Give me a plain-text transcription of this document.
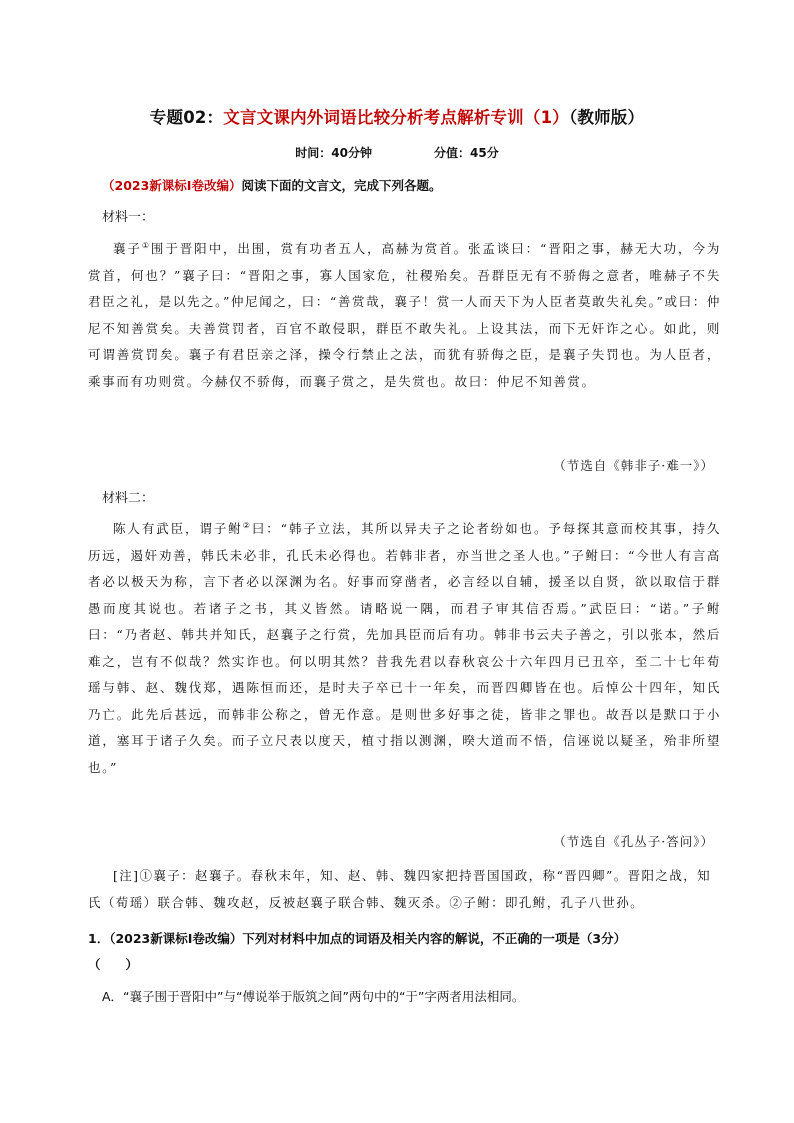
专题02：文言文课内外词语比较分析考点解析专训（1）（教师版）
时间：40分钟	分值：45分
（2023新课标Ⅰ卷改编）阅读下面的文言文，完成下列各题。
材料一：
襄子①围于晋阳中，出围，赏有功者五人，高赫为赏首。张孟谈曰：“晋阳之事，赫无大功，今为赏首，何也？”襄子曰：“晋阳之事，寡人国家危，社稷殆矣。吾群臣无有不骄侮之意者，唯赫子不失君臣之礼，是以先之。”仲尼闻之，曰：“善赏哉，襄子！赏一人而天下为人臣者莫敢失礼矣。”或曰：仲尼不知善赏矣。夫善赏罚者，百官不敢侵职，群臣不敢失礼。上设其法，而下无奸诈之心。如此，则可谓善赏罚矣。襄子有君臣亲之泽，操令行禁止之法，而犹有骄侮之臣，是襄子失罚也。为人臣者，乘事而有功则赏。今赫仅不骄侮，而襄子赏之，是失赏也。故曰：仲尼不知善赏。
（节选自《韩非子·难一》）
材料二：
陈人有武臣，谓子鲋②曰：“韩子立法，其所以异夫子之论者纷如也。予每探其意而校其事，持久历远，遏奸劝善，韩氏未必非，孔氏未必得也。若韩非者，亦当世之圣人也。”子鲋曰：“今世人有言高者必以极天为称，言下者必以深渊为名。好事而穿凿者，必言经以自辅，援圣以自贤，欲以取信于群愚而度其说也。若诸子之书，其义皆然。请略说一隅，而君子审其信否焉。”武臣曰：“诺。”子鲋曰：“乃者赵、韩共并知氏，赵襄子之行赏，先加具臣而后有功。韩非书云夫子善之，引以张本，然后难之，岂有不似哉？然实诈也。何以明其然？昔我先君以春秋哀公十六年四月已丑卒，至二十七年荀瑶与韩、赵、魏伐郑，遇陈恒而还，是时夫子卒已十一年矣，而晋四卿皆在也。后悼公十四年，知氏乃亡。此先后甚远，而韩非公称之，曾无作意。是则世多好事之徒，皆非之罪也。故吾以是默口于小道，塞耳于诸子久矣。而子立尺表以度天，植寸指以测渊，暌大道而不悟，信诬说以疑圣，殆非所望也。”
（节选自《孔丛子·答问》）
[注]①襄子：赵襄子。春秋末年，知、赵、韩、魏四家把持晋国国政，称“晋四卿”。晋阳之战，知氏（荀瑶）联合韩、魏攻赵，反被赵襄子联合韩、魏灭杀。②子鲋：即孔鲋，孔子八世孙。
1．（2023新课标Ⅰ卷改编）下列对材料中加点的词语及相关内容的解说，不正确的一项是（3分）
（　　）
A．“襄子围于晋阳中”与“傅说举于版筑之间”两句中的“于”字两者用法相同。
